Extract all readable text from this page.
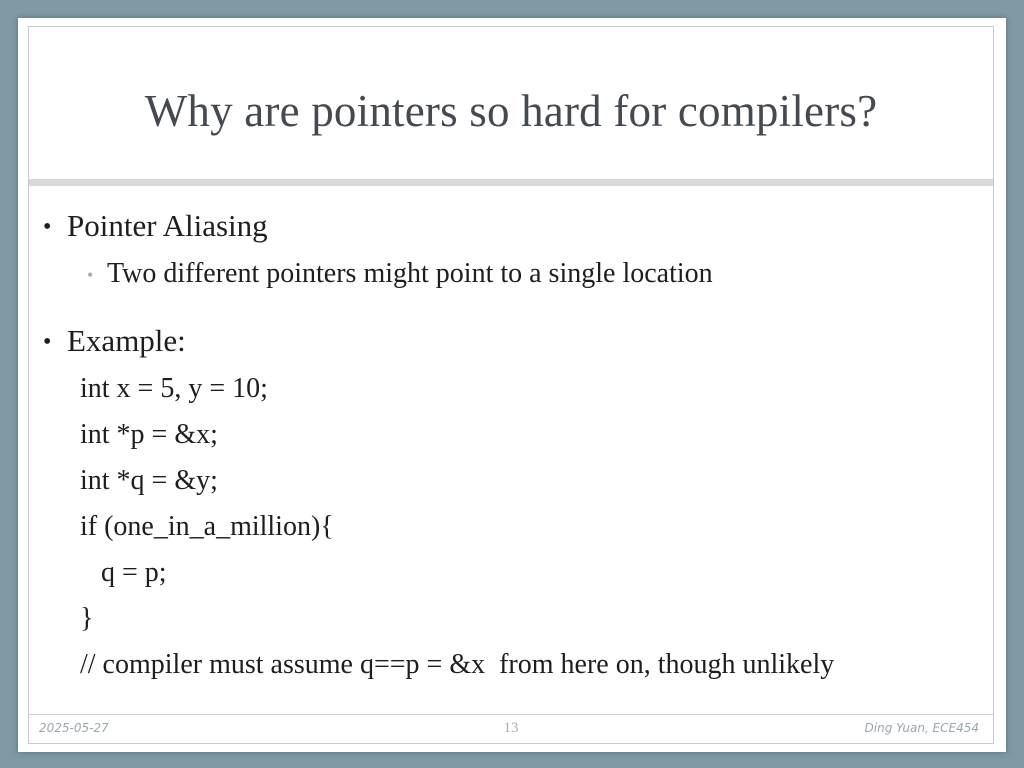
Why are pointers so hard for compilers?
• Pointer Aliasing
• Two different pointers might point to a single location
• Example:
int x = 5, y = 10;
int *p = &x;
int *q = &y;
if (one_in_a_million){
q = p;
}
// compiler must assume q==p = &x  from here on, though unlikely
2025-05-27	13	Ding Yuan, ECE454
